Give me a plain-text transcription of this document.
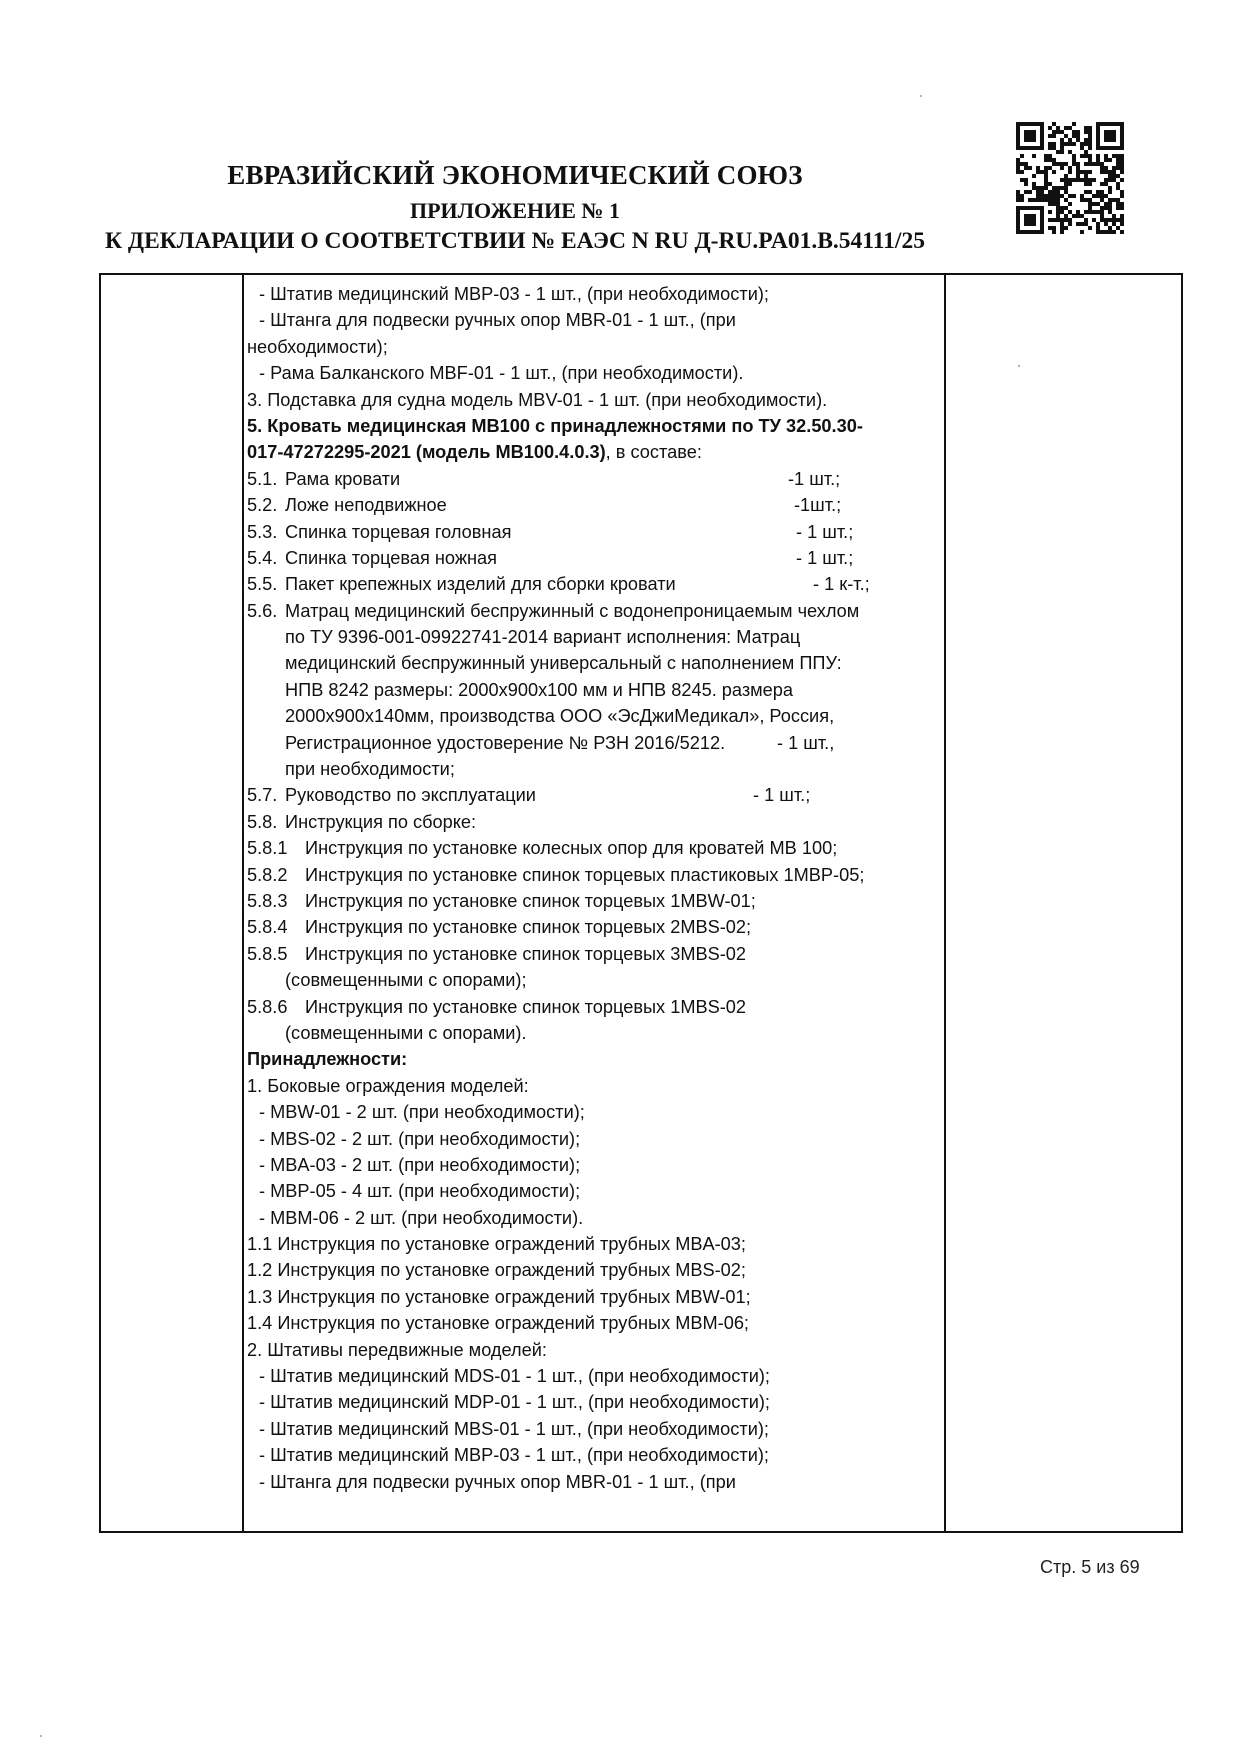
ЕВРАЗИЙСКИЙ ЭКОНОМИЧЕСКИЙ СОЮЗ
ПРИЛОЖЕНИЕ № 1
К ДЕКЛАРАЦИИ О СООТВЕТСТВИИ № ЕАЭС N RU Д-RU.PA01.B.54111/25
- Штатив медицинский MBP-03 - 1 шт., (при необходимости);
- Штанга для подвески ручных опор MBR-01 - 1 шт., (при
необходимости);
- Рама Балканского MBF-01 - 1 шт., (при необходимости).
3. Подставка для судна модель MBV-01 - 1 шт. (при необходимости).
5. Кровать медицинская МВ100 с принадлежностями по ТУ 32.50.30-
017-47272295-2021 (модель MB100.4.0.3), в составе:
5.1. Рама кровати	-1 шт.;
5.2. Ложе неподвижное	-1шт.;
5.3. Спинка торцевая головная	- 1 шт.;
5.4. Спинка торцевая ножная	- 1 шт.;
5.5. Пакет крепежных изделий для сборки кровати	- 1 к-т.;
5.6. Матрац медицинский беспружинный с водонепроницаемым чехлом
по ТУ 9396-001-09922741-2014 вариант исполнения: Матрац
медицинский беспружинный универсальный с наполнением ППУ:
НПВ 8242 размеры: 2000х900х100 мм и НПВ 8245. размера
2000х900х140мм, производства ООО «ЭсДжиМедикал», Россия,
Регистрационное удостоверение № РЗН 2016/5212.	- 1 шт.,
при необходимости;
5.7. Руководство по эксплуатации	- 1 шт.;
5.8. Инструкция по сборке:
5.8.1 Инструкция по установке колесных опор для кроватей МВ 100;
5.8.2 Инструкция по установке спинок торцевых пластиковых 1MBP-05;
5.8.3 Инструкция по установке спинок торцевых 1MBW-01;
5.8.4 Инструкция по установке спинок торцевых 2MBS-02;
5.8.5 Инструкция по установке спинок торцевых 3MBS-02
(совмещенными с опорами);
5.8.6 Инструкция по установке спинок торцевых 1MBS-02
(совмещенными с опорами).
Принадлежности:
1. Боковые ограждения моделей:
- MBW-01 - 2 шт. (при необходимости);
- MBS-02 - 2 шт. (при необходимости);
- MBA-03 - 2 шт. (при необходимости);
- MBP-05 - 4 шт. (при необходимости);
- MBM-06 - 2 шт. (при необходимости).
1.1 Инструкция по установке ограждений трубных MBA-03;
1.2 Инструкция по установке ограждений трубных MBS-02;
1.3 Инструкция по установке ограждений трубных MBW-01;
1.4 Инструкция по установке ограждений трубных MBM-06;
2. Штативы передвижные моделей:
- Штатив медицинский MDS-01 - 1 шт., (при необходимости);
- Штатив медицинский MDP-01 - 1 шт., (при необходимости);
- Штатив медицинский MBS-01 - 1 шт., (при необходимости);
- Штатив медицинский MBP-03 - 1 шт., (при необходимости);
- Штанга для подвески ручных опор MBR-01 - 1 шт., (при
Стр. 5 из 69
